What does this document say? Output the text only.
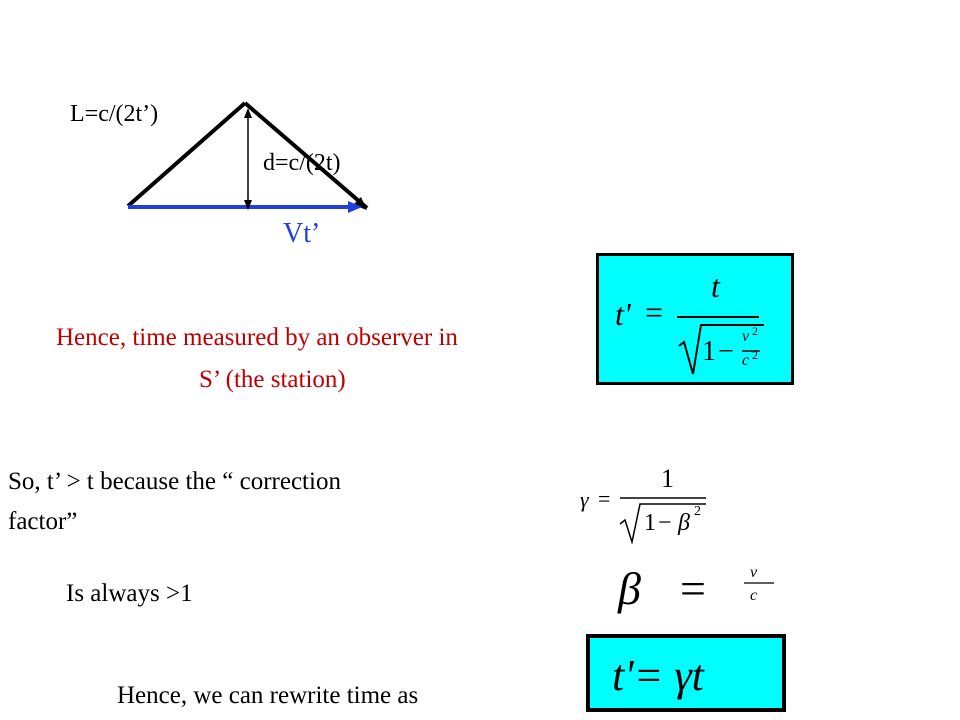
L=c/(2t’)
d=c/(2t)
Vt’
Hence, time measured by an observer in
S’ (the station)
t' =
t
1 − v 2
c 2
So, t’ > t because the “ correction
factor”
γ =
1
1 − β 2
Is always >1	β =	v
c
t'= γt
Hence, we can rewrite time as
